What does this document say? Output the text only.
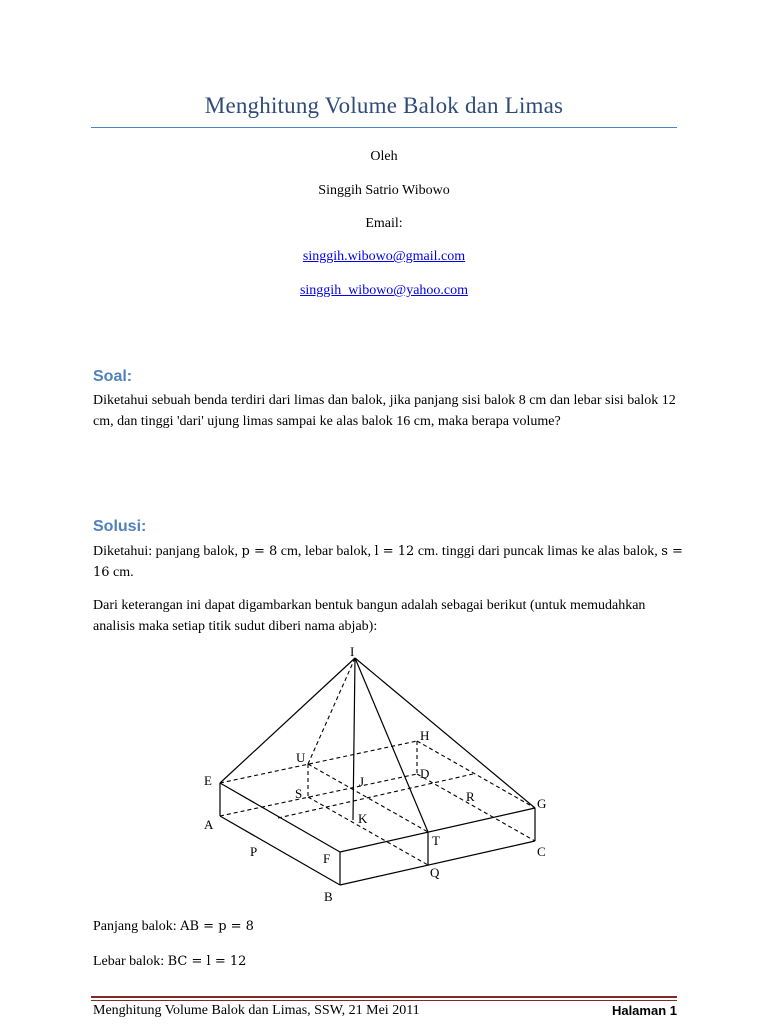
Menghitung Volume Balok dan Limas
Oleh
Singgih Satrio Wibowo
Email:
singgih.wibowo@gmail.com
singgih_wibowo@yahoo.com
Soal:
Diketahui sebuah benda terdiri dari limas dan balok, jika panjang sisi balok 8 cm dan lebar sisi balok 12 cm, dan tinggi 'dari' ujung limas sampai ke alas balok 16 cm, maka berapa volume?
Solusi:
Diketahui: panjang balok, p = 8 cm, lebar balok, l = 12 cm. tinggi dari puncak limas ke alas balok, s = 16 cm.
Dari keterangan ini dapat digambarkan bentuk bangun adalah sebagai berikut (untuk memudahkan analisis maka setiap titik sudut diberi nama abjab):
I
H
U
D
E	J
S	R	G
A	K
T
P	F	C
Q
B
Panjang balok: AB = p = 8
Lebar balok: BC = l = 12
Menghitung Volume Balok dan Limas, SSW, 21 Mei 2011	Halaman 1
